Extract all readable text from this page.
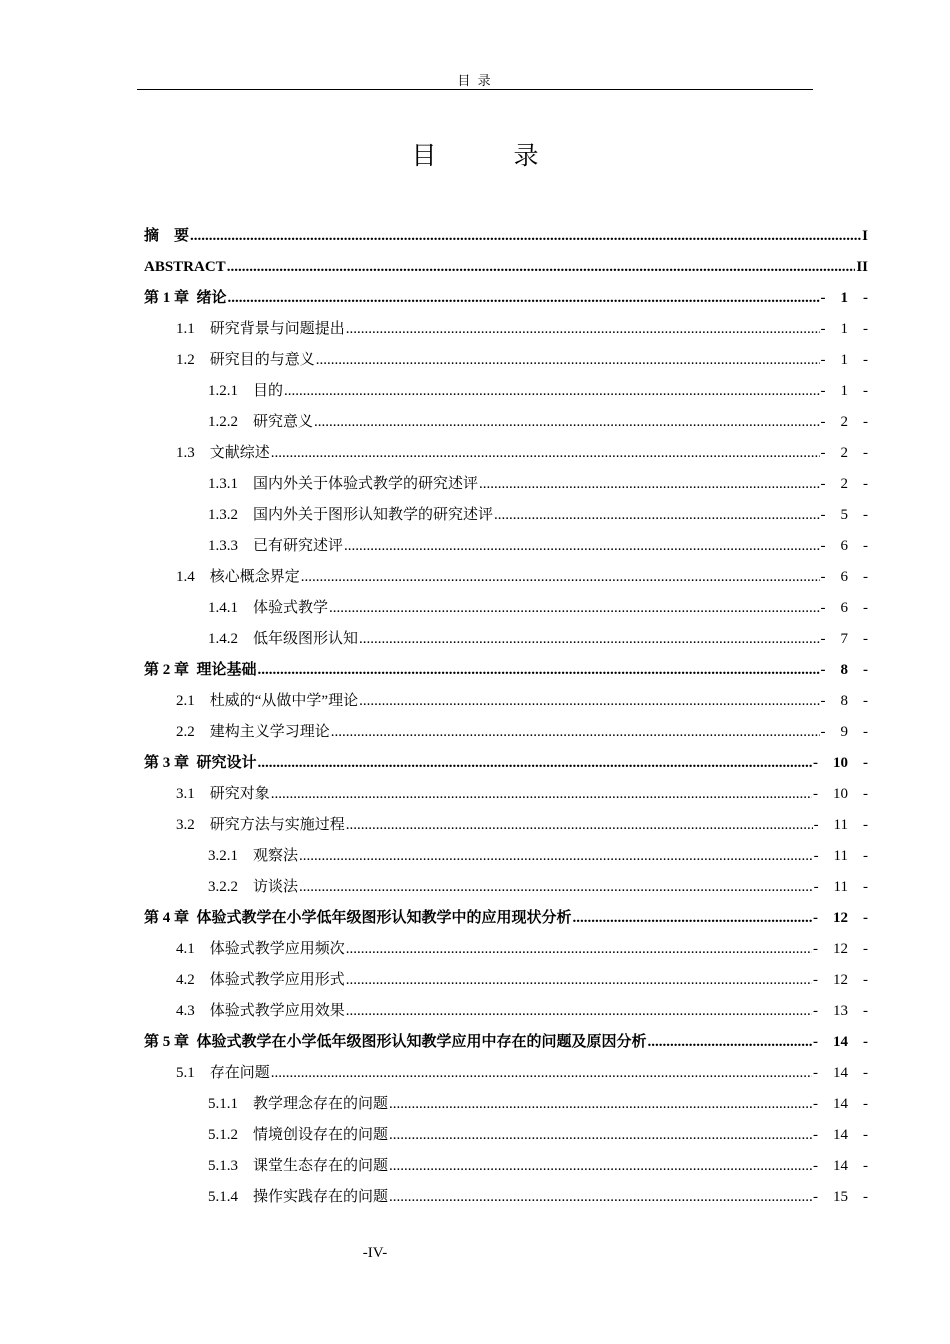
目 录
目　录
摘　要 .....	I
ABSTRACT .....	II
第 1 章  绪论 .....	-　1　-
1.1　 研究背景与问题提出 .....	-　1　-
1.2　 研究目的与意义 .....	-　1　-
1.2.1　 目的 .....	-　1　-
1.2.2　 研究意义 .....	-　2　-
1.3　 文献综述 .....	-　2　-
1.3.1　 国内外关于体验式教学的研究述评 .....	-　2　-
1.3.2　 国内外关于图形认知教学的研究述评 .....	-　5　-
1.3.3　 已有研究述评 .....	-　6　-
1.4　 核心概念界定 .....	-　6　-
1.4.1　 体验式教学 .....	-　6　-
1.4.2　 低年级图形认知 .....	-　7　-
第 2 章  理论基础 .....	-　8　-
2.1　 杜威的“从做中学”理论 .....	-　8　-
2.2　 建构主义学习理论 .....	-　9　-
第 3 章  研究设计 .....	-　10　-
3.1　 研究对象 .....	-　10　-
3.2　 研究方法与实施过程 .....	-　11　-
3.2.1　 观察法 .....	-　11　-
3.2.2　 访谈法 .....	-　11　-
第 4 章  体验式教学在小学低年级图形认知教学中的应用现状分析 .....	-　12　-
4.1　 体验式教学应用频次 .....	-　12　-
4.2　 体验式教学应用形式 .....	-　12　-
4.3　 体验式教学应用效果 .....	-　13　-
第 5 章  体验式教学在小学低年级图形认知教学应用中存在的问题及原因分析 .....	-　14　-
5.1　 存在问题 .....	-　14　-
5.1.1　 教学理念存在的问题 .....	-　14　-
5.1.2　 情境创设存在的问题 .....	-　14　-
5.1.3　 课堂生态存在的问题 .....	-　14　-
5.1.4　 操作实践存在的问题 .....	-　15　-
-IV-
